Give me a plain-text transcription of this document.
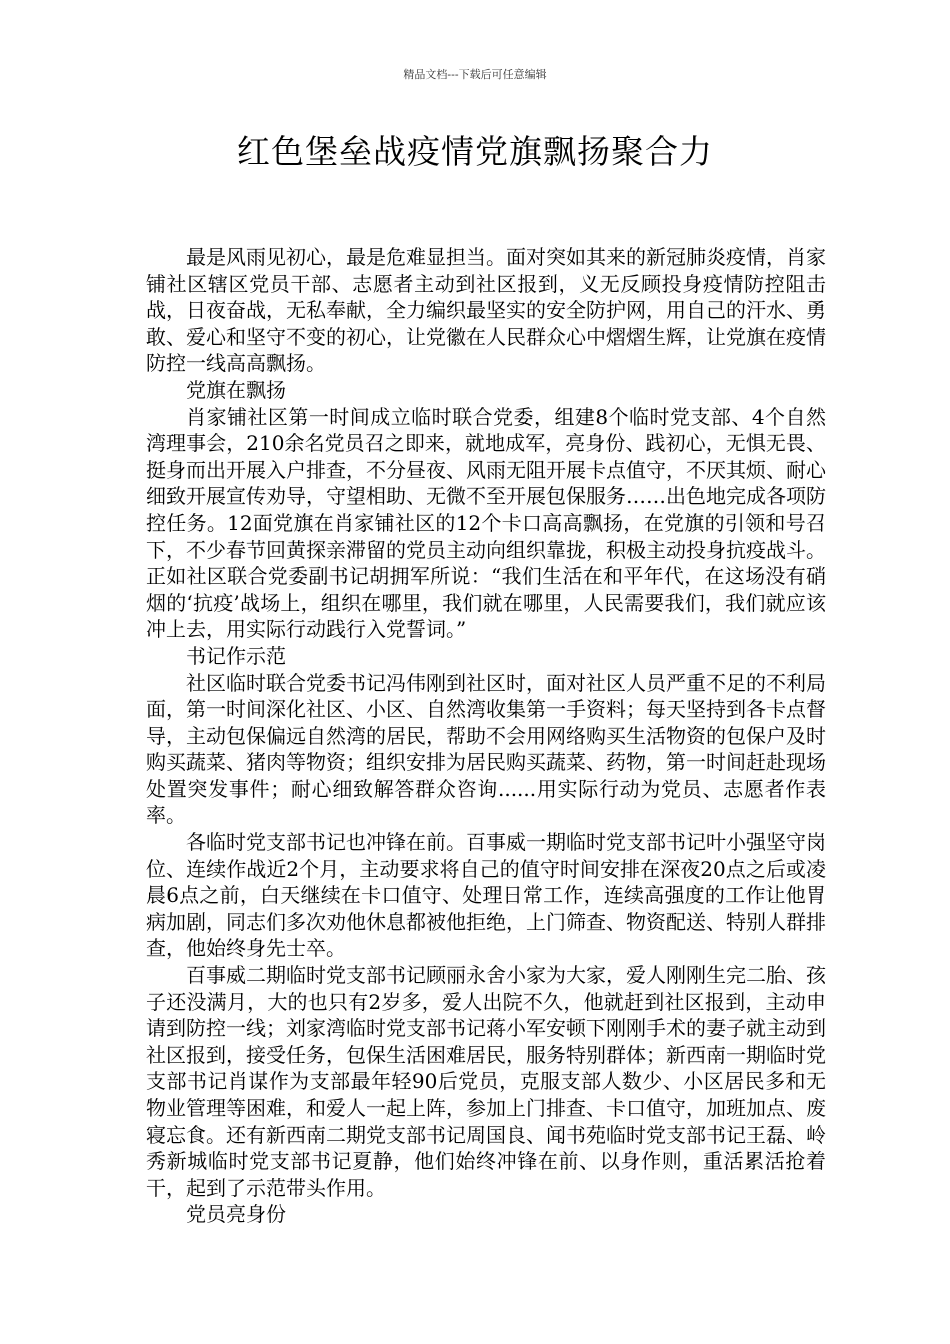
精品文档---下载后可任意编辑
红色堡垒战疫情党旗飘扬聚合力

最是风雨见初心，最是危难显担当。面对突如其来的新冠肺炎疫情，肖家铺社区辖区党员干部、志愿者主动到社区报到，义无反顾投身疫情防控阻击战，日夜奋战，无私奉献，全力编织最坚实的安全防护网，用自己的汗水、勇敢、爱心和坚守不变的初心，让党徽在人民群众心中熠熠生辉，让党旗在疫情防控一线高高飘扬。

党旗在飘扬

肖家铺社区第一时间成立临时联合党委，组建8个临时党支部、4个自然湾理事会，210余名党员召之即来，就地成军，亮身份、践初心，无惧无畏、挺身而出开展入户排查，不分昼夜、风雨无阻开展卡点值守，不厌其烦、耐心细致开展宣传劝导，守望相助、无微不至开展包保服务……出色地完成各项防控任务。12面党旗在肖家铺社区的12个卡口高高飘扬，在党旗的引领和号召下，不少春节回黄探亲滞留的党员主动向组织靠拢，积极主动投身抗疫战斗。正如社区联合党委副书记胡拥军所说：“我们生活在和平年代，在这场没有硝烟的‘抗疫’战场上，组织在哪里，我们就在哪里，人民需要我们，我们就应该冲上去，用实际行动践行入党誓词。”

书记作示范

社区临时联合党委书记冯伟刚到社区时，面对社区人员严重不足的不利局面，第一时间深化社区、小区、自然湾收集第一手资料；每天坚持到各卡点督导，主动包保偏远自然湾的居民，帮助不会用网络购买生活物资的包保户及时购买蔬菜、猪肉等物资；组织安排为居民购买蔬菜、药物，第一时间赶赴现场处置突发事件；耐心细致解答群众咨询......用实际行动为党员、志愿者作表率。

各临时党支部书记也冲锋在前。百事威一期临时党支部书记叶小强坚守岗位、连续作战近2个月，主动要求将自己的值守时间安排在深夜20点之后或凌晨6点之前，白天继续在卡口值守、处理日常工作，连续高强度的工作让他胃病加剧，同志们多次劝他休息都被他拒绝，上门筛查、物资配送、特别人群排查，他始终身先士卒。

百事威二期临时党支部书记顾丽永舍小家为大家，爱人刚刚生完二胎、孩子还没满月，大的也只有2岁多，爱人出院不久，他就赶到社区报到，主动申请到防控一线；刘家湾临时党支部书记蒋小军安顿下刚刚手术的妻子就主动到社区报到，接受任务，包保生活困难居民，服务特别群体；新西南一期临时党支部书记肖谋作为支部最年轻90后党员，克服支部人数少、小区居民多和无物业管理等困难，和爱人一起上阵，参加上门排查、卡口值守，加班加点、废寝忘食。还有新西南二期党支部书记周国良、闻书苑临时党支部书记王磊、岭秀新城临时党支部书记夏静，他们始终冲锋在前、以身作则，重活累活抢着干，起到了示范带头作用。

党员亮身份
